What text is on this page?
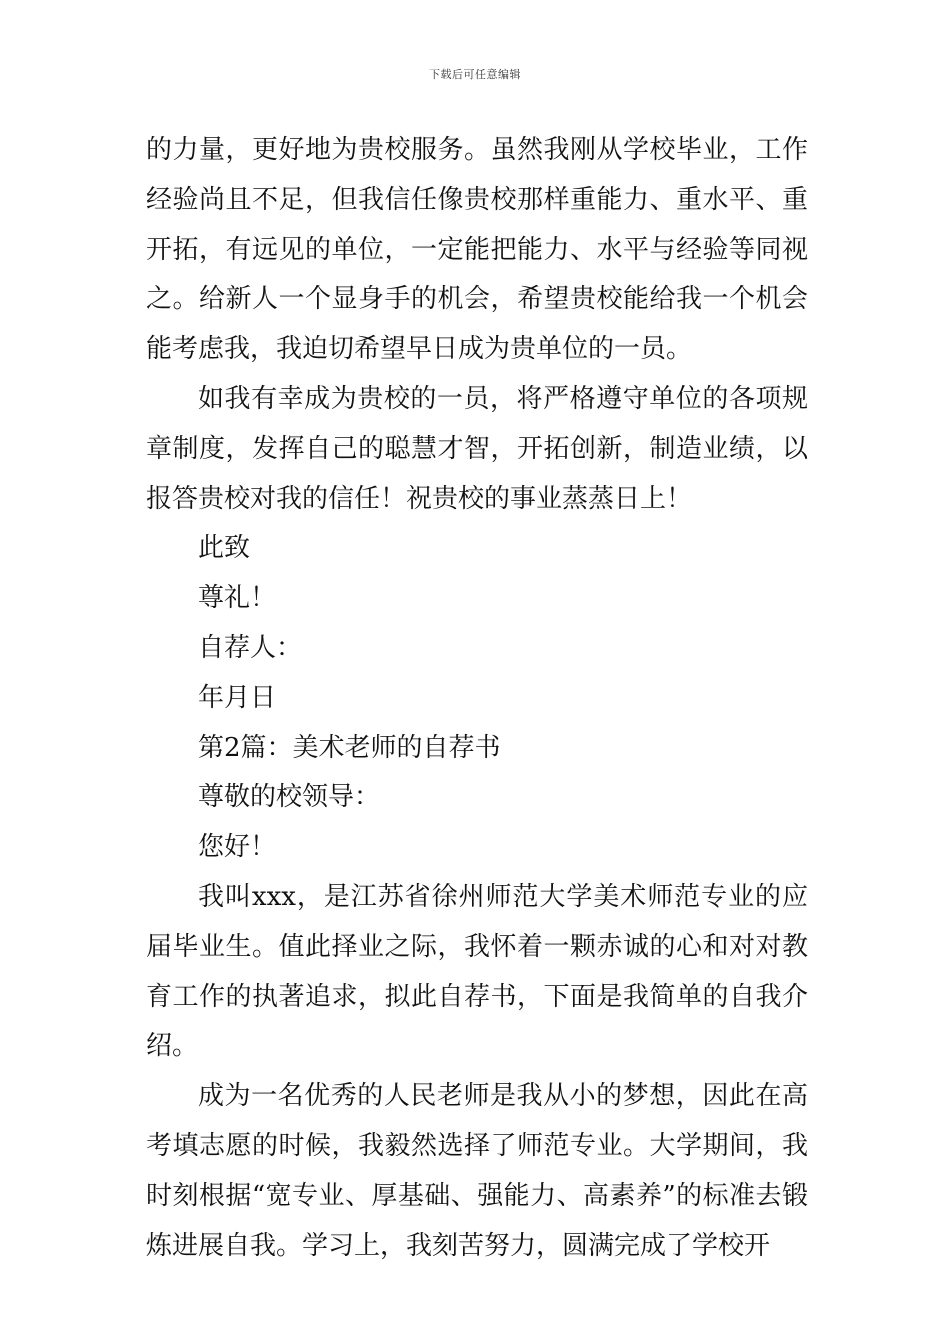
下载后可任意编辑

的力量，更好地为贵校服务。虽然我刚从学校毕业，工作经验尚且不足，但我信任像贵校那样重能力、重水平、重开拓，有远见的单位，一定能把能力、水平与经验等同视之。给新人一个显身手的机会，希望贵校能给我一个机会能考虑我，我迫切希望早日成为贵单位的一员。

如我有幸成为贵校的一员，将严格遵守单位的各项规章制度，发挥自己的聪慧才智，开拓创新，制造业绩，以报答贵校对我的信任！祝贵校的事业蒸蒸日上！

此致

尊礼！

自荐人：

年月日

第2篇：美术老师的自荐书

尊敬的校领导：

您好！

我叫xxx，是江苏省徐州师范大学美术师范专业的应届毕业生。值此择业之际，我怀着一颗赤诚的心和对对教育工作的执著追求，拟此自荐书，下面是我简单的自我介绍。

成为一名优秀的人民老师是我从小的梦想，因此在高考填志愿的时候，我毅然选择了师范专业。大学期间，我时刻根据“宽专业、厚基础、强能力、高素养”的标准去锻炼进展自我。学习上，我刻苦努力，圆满完成了学校开
